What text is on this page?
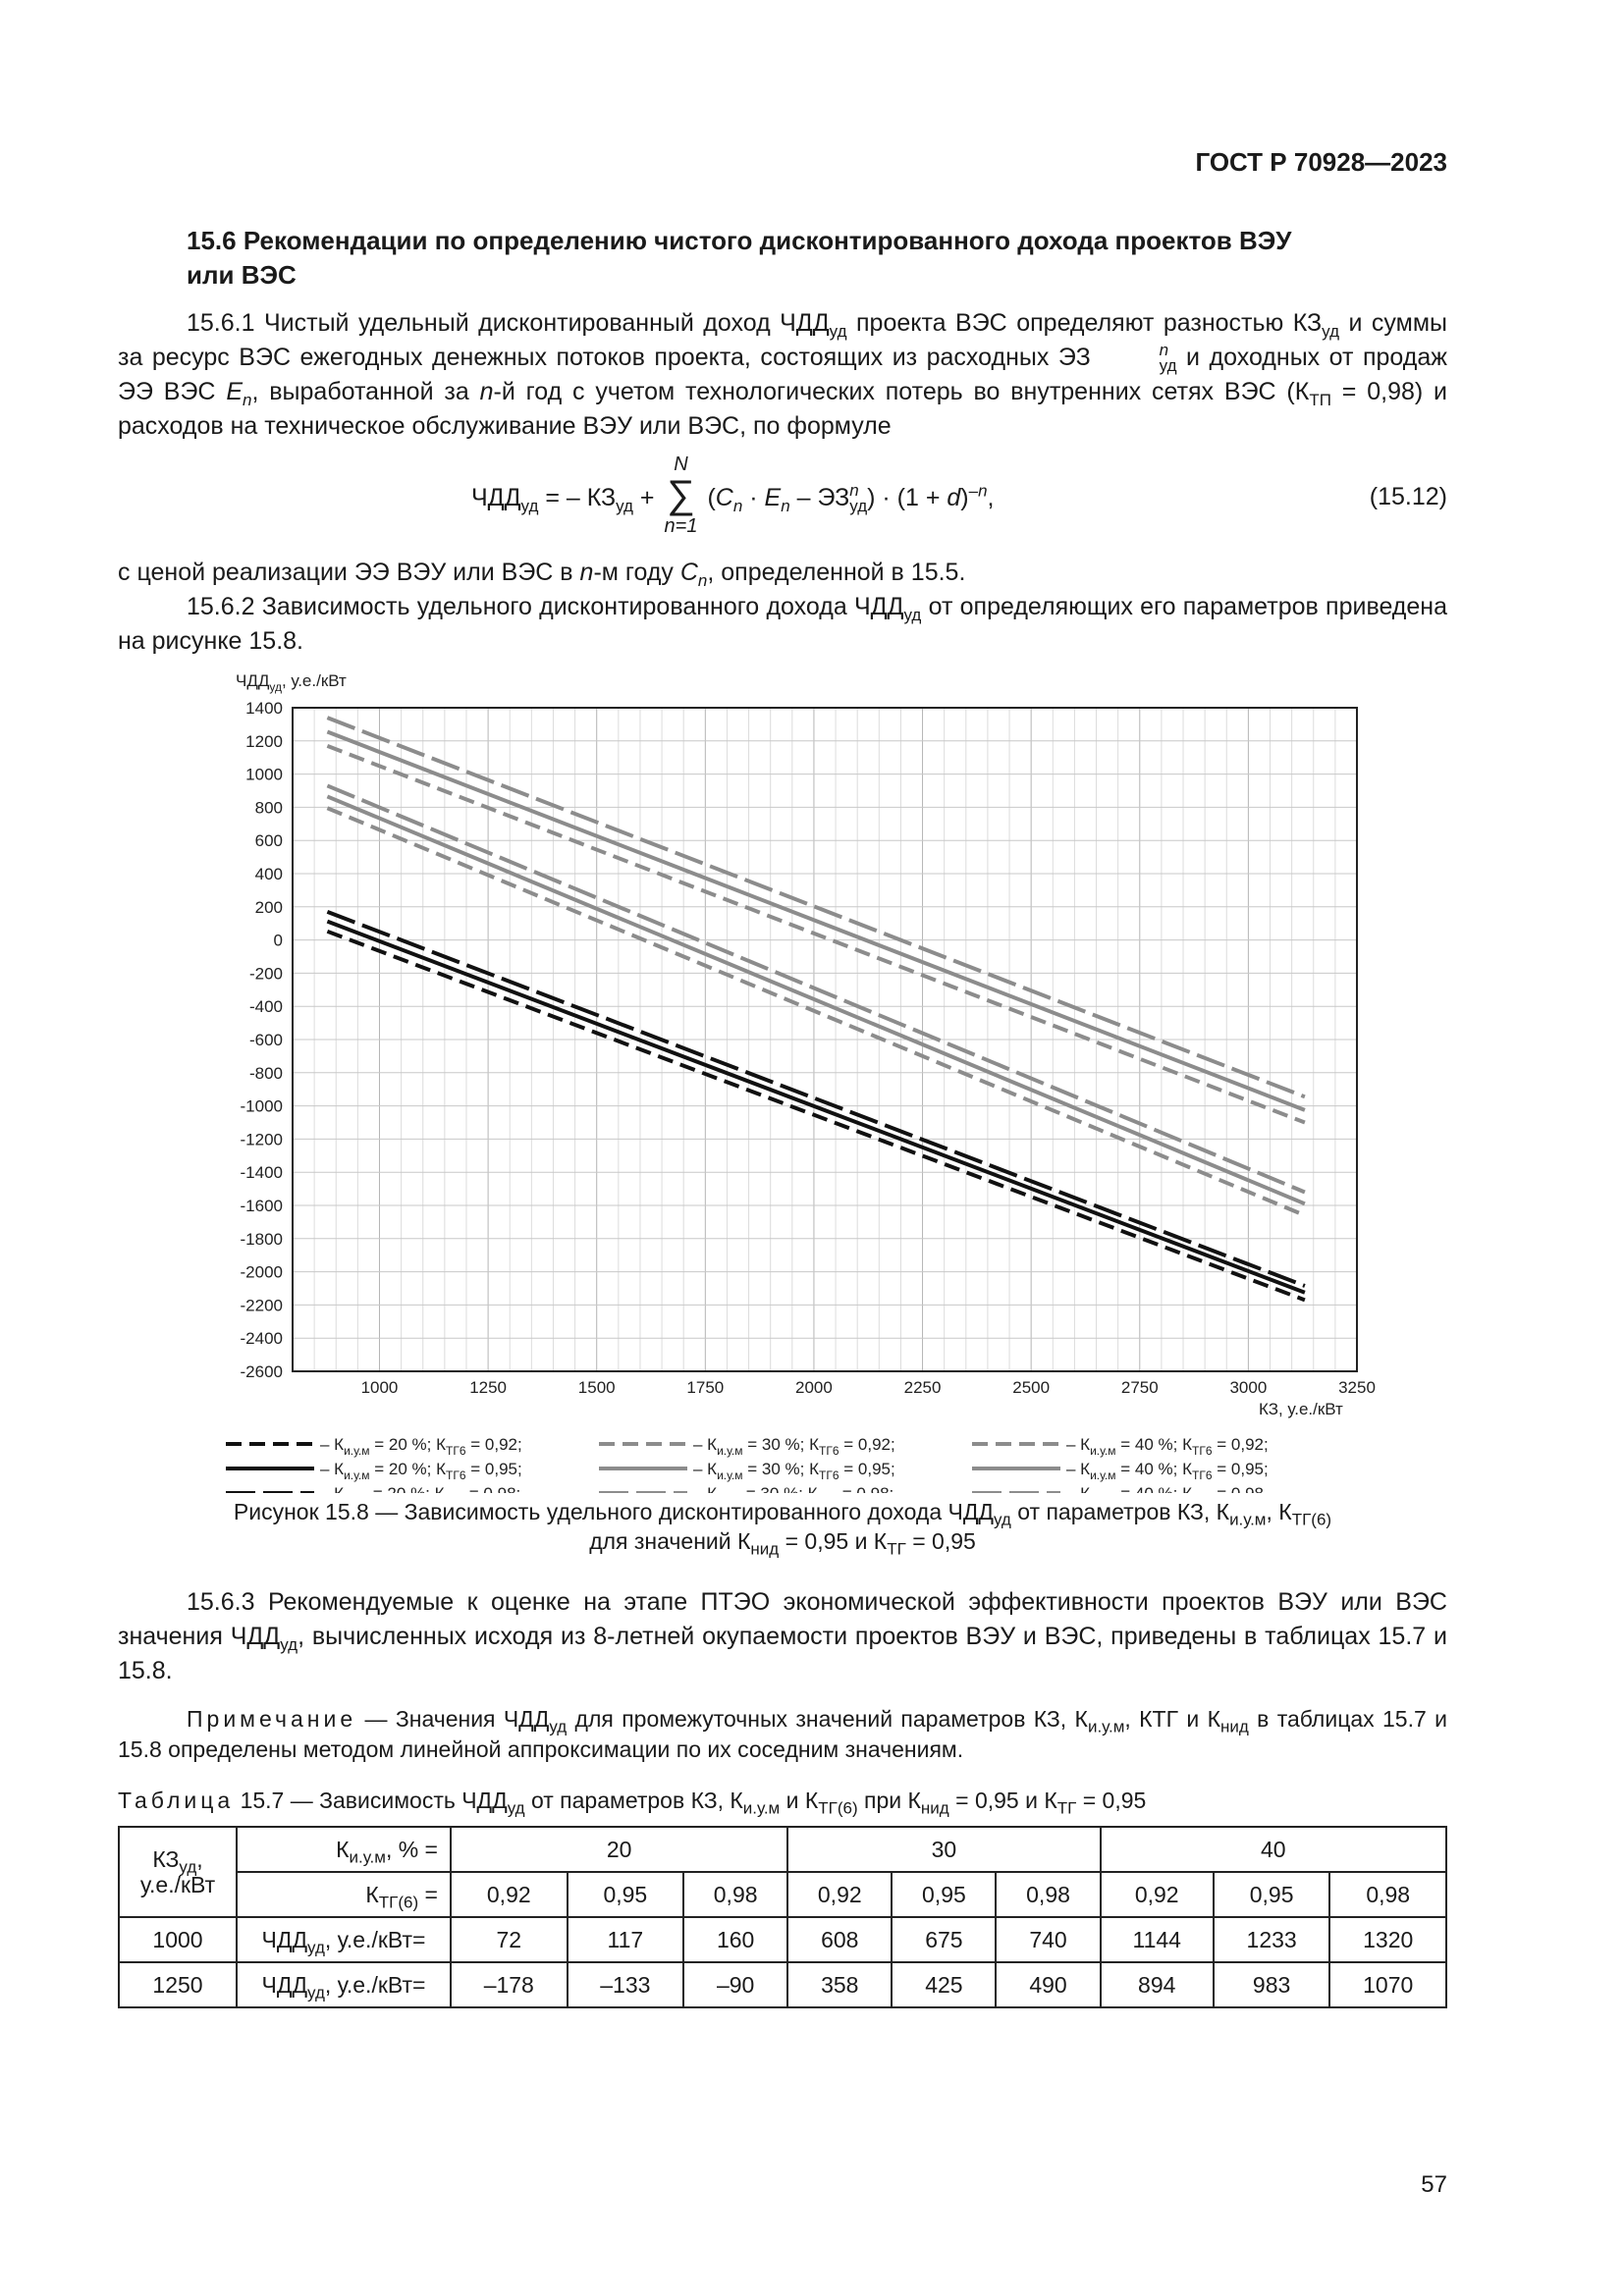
ГОСТ Р 70928—2023
15.6 Рекомендации по определению чистого дисконтированного дохода проектов ВЭУ
или ВЭС

15.6.1 Чистый удельный дисконтированный доход $ЧДД_{уд}$ проекта ВЭС определяют разностью $КЗ_{уд}$ и суммы за ресурс ВЭС ежегодных денежных потоков проекта, состоящих из расходных ЭЗ	n
уд и доходных от продаж ЭЭ ВЭС $E_n$, выработанной за n-й год с учетом технологических потерь во внутренних сетях ВЭС $(К_{ТП} = 0,98)$ и расходов на техническое обслуживание ВЭУ или ВЭС, по формуле

$ЧДД_{уд}$ = – $КЗ_{уд}$ +
N
∑
n=1
($C_n \cdot E_n$ – ЭЗ n
уд ) · $(1 + d)^{-n}$,	(15.12)

с ценой реализации ЭЭ ВЭУ или ВЭС в n-м году $C_n$, определенной в 15.5.

15.6.2 Зависимость удельного дисконтированного дохода $ЧДД_{уд}$ от определяющих его параметров приведена на рисунке 15.8.

$ЧДД_{уд}$, у.е./кВт
КЗ, у.е./кВт
1400
1200
1000
800
600
400
200
0
-200
-400
-600
-800
-1000
-1200
-1400
-1600
-1800
-2000
-2200
-2400
-2600
1000	1250	1500	1750	2000	2250	2500	2750	3000	3250
– $К_{и.у.м} = 20$ %; $К_{ТГ6} = 0,92$;
– $К_{и.у.м} = 20$ %; $К_{ТГ6} = 0,95$;
– $К_{и.у.м} = 30$ %; $К_{ТГ6} = 0,92$;
– $К_{и.у.м} = 30$ %; $К_{ТГ6} = 0,95$;
– $К_{и.у.м} = 40$ %; $К_{ТГ6} = 0,92$;
– $К_{и.у.м} = 40$ %; $К_{ТГ6} = 0,95$;
Рисунок 15.8 — Зависимость удельного дисконтированного дохода $ЧДД_{уд}$ от параметров КЗ, $К_{и.у.м}$, $К_{ТГ(6)}$
для значений $К_{нид} = 0,95$ и $К_{ТГ} = 0,95$

15.6.3 Рекомендуемые к оценке на этапе ПТЭО экономической эффективности проектов ВЭУ или ВЭС значения $ЧДД_{уд}$, вычисленных исходя из 8-летней окупаемости проектов ВЭУ и ВЭС, приведены в таблицах 15.7 и 15.8.

Примечание — Значения $ЧДД_{уд}$ для промежуточных значений параметров КЗ, $К_{и.у.м}$, КТГ и $К_{нид}$ в таблицах 15.7 и 15.8 определены методом линейной аппроксимации по их соседним значениям.

Таблица 15.7 — Зависимость $ЧДД_{уд}$ от параметров КЗ, $К_{и.у.м}$ и $К_{ТГ(6)}$ при $К_{нид} = 0,95$ и $К_{ТГ} = 0,95$
$КЗ_{уд}$,
у.е./кВт	$К_{и.у.м}$, % =	20			30			40		
	$К_{ТГ(6)}$ =	0,92	0,95	0,98	0,92	0,95	0,98	0,92	0,95	0,98
1000	$ЧДД_{уд}$, у.е./кВт=	72	117	160	608	675	740	1144	1233	1320
1250	$ЧДД_{уд}$, у.е./кВт=	–178	–133	–90	358	425	490	894	983	1070
57
